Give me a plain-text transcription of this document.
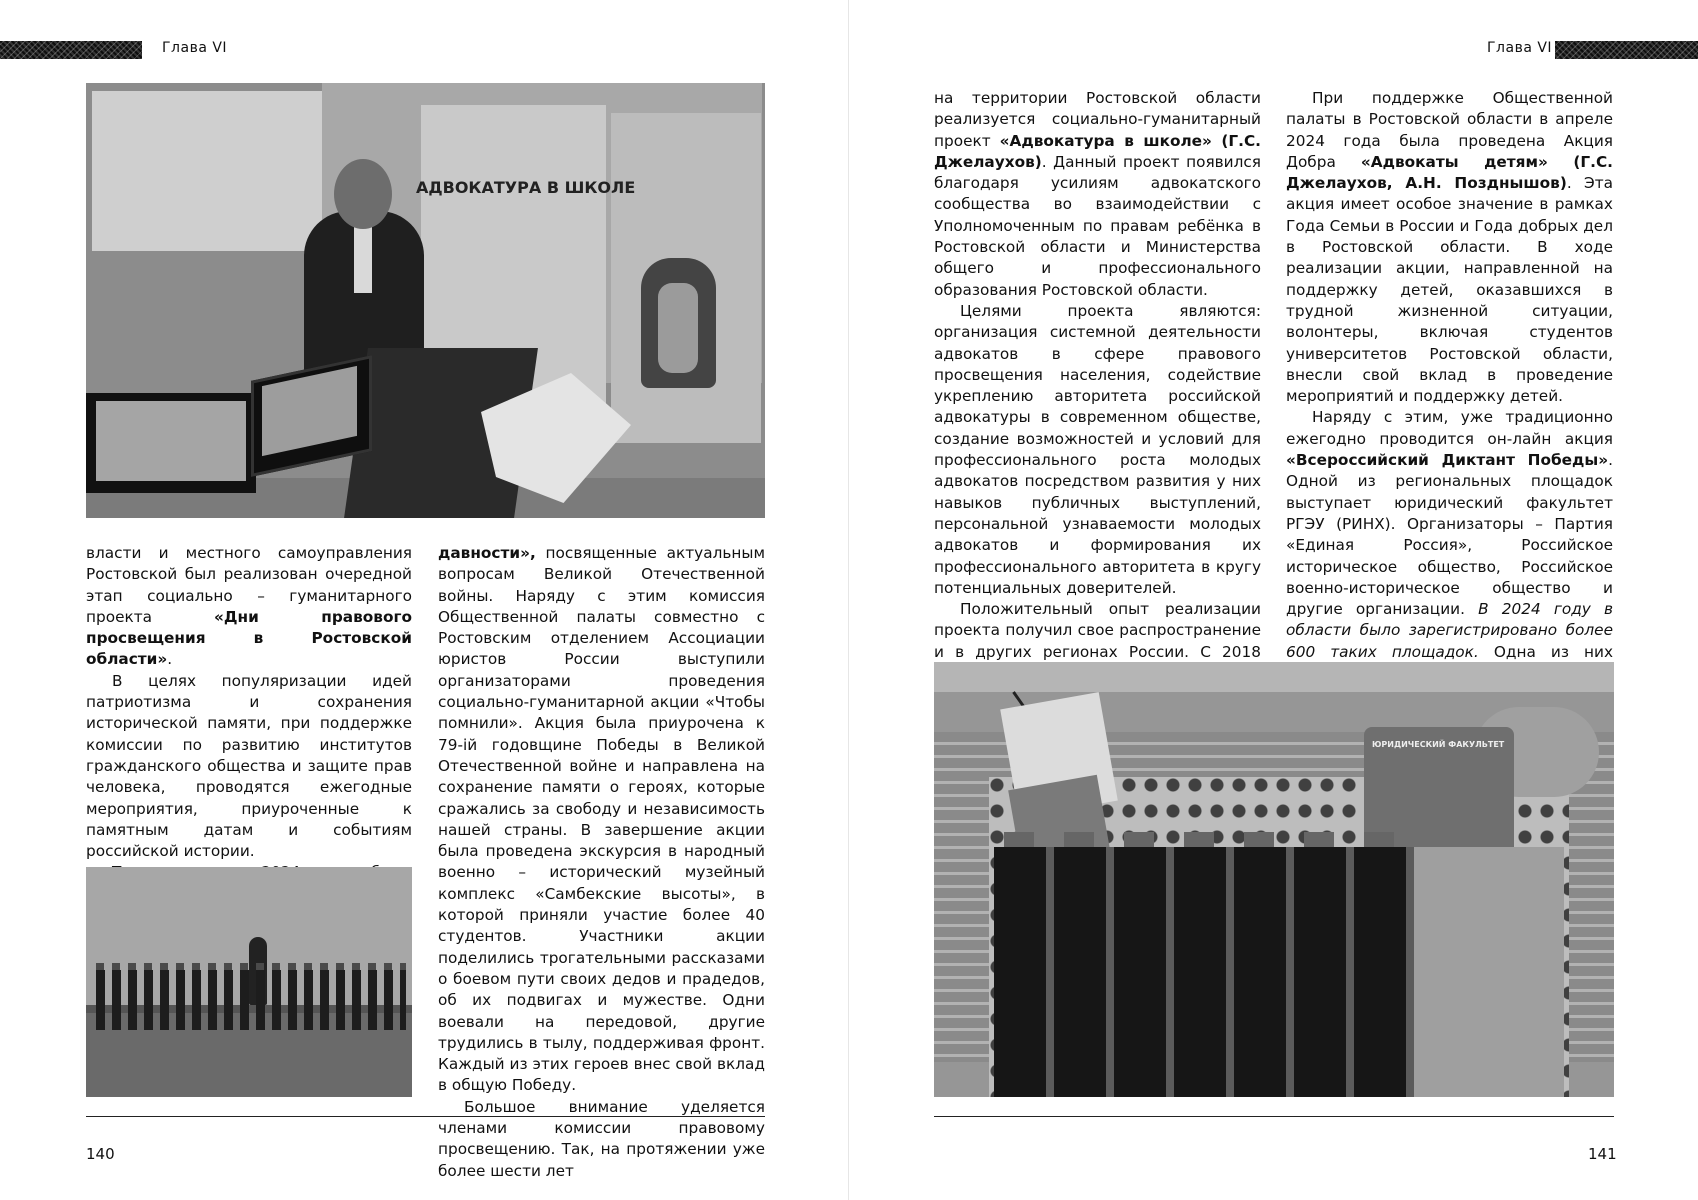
Глава VI
АДВОКАТУРА В ШКОЛЕ

власти и местного самоуправления Ростовской был реализован очередной этап социально – гуманитарного проекта «Дни правового просвещения в Ростовской области».

В целях популяризации идей патриотизма и сохранения исторической памяти, при поддержке комиссии по развитию институтов гражданского общества и защите прав человека, проводятся ежегодные мероприятия, приуроченные к памятным датам и событиям российской истории.

давности», посвященные актуальным вопросам Великой Отечественной войны. Наряду с этим комиссия Общественной палаты совместно с Ростовским отделением Ассоциации юристов России выступили организаторами проведения социально-гуманитарной акции «Чтобы помнили». Акция была приурочена к 79-ій годовщине Победы в Великой Отечественной войне и направлена на сохранение памяти о героях, которые сражались за свободу и независимость нашей страны. В завершение акции была проведена экскурсия в народный военно – исторический музейный комплекс «Самбекские высоты», в которой приняли участие более 40 студентов. Участники акции поделились трогательными рассказами о боевом пути своих дедов и прадедов, об их подвигах и мужестве. Одни воевали на передовой, другие трудились в тылу, поддерживая фронт. Каждый из этих героев внес свой вклад в общую Победу.

Большое внимание уделяется членами комиссии правовому просвещению. Так, на протяжении уже более шести лет

140
Глава VI

на территории Ростовской области реализуется социально-гуманитарный проект «Адвокатура в школе» (Г.С. Джелаухов). Данный проект появился благодаря усилиям адвокатского сообщества во взаимодействии с Уполномоченным по правам ребёнка в Ростовской области и Министерства общего и профессионального образования Ростовской области.

Целями проекта являются: организация системной деятельности адвокатов в сфере правового просвещения населения, содействие укреплению авторитета российской адвокатуры в современном обществе, создание возможностей и условий для профессионального роста молодых адвокатов посредством развития у них навыков публичных выступлений, персональной узнаваемости молодых адвокатов и формирования их профессионального авторитета в кругу потенциальных доверителей.

Положительный опыт реализации проекта получил свое распространение и в других регионах России. С 2018

При поддержке Общественной палаты в Ростовской области в апреле 2024 года была проведена Акция Добра «Адвокаты детям» (Г.С. Джелаухов, А.Н. Позднышов). Эта акция имеет особое значение в рамках Года Семьи в России и Года добрых дел в Ростовской области. В ходе реализации акции, направленной на поддержку детей, оказавшихся в трудной жизненной ситуации, волонтеры, включая студентов университетов Ростовской области, внесли свой вклад в проведение мероприятий и поддержку детей.

Наряду с этим, уже традиционно ежегодно проводится он-лайн акция «Всероссийский Диктант Победы». Одной из региональных площадок выступает юридический факультет РГЭУ (РИНХ). Организаторы – Партия «Единая Россия», Российское историческое общество, Российское военно-историческое общество и другие организации. В 2024 году в области было зарегистрировано более 600 таких площадок. Одна из них

ЮРИДИЧЕСКИЙ ФАКУЛЬТЕТ
141
